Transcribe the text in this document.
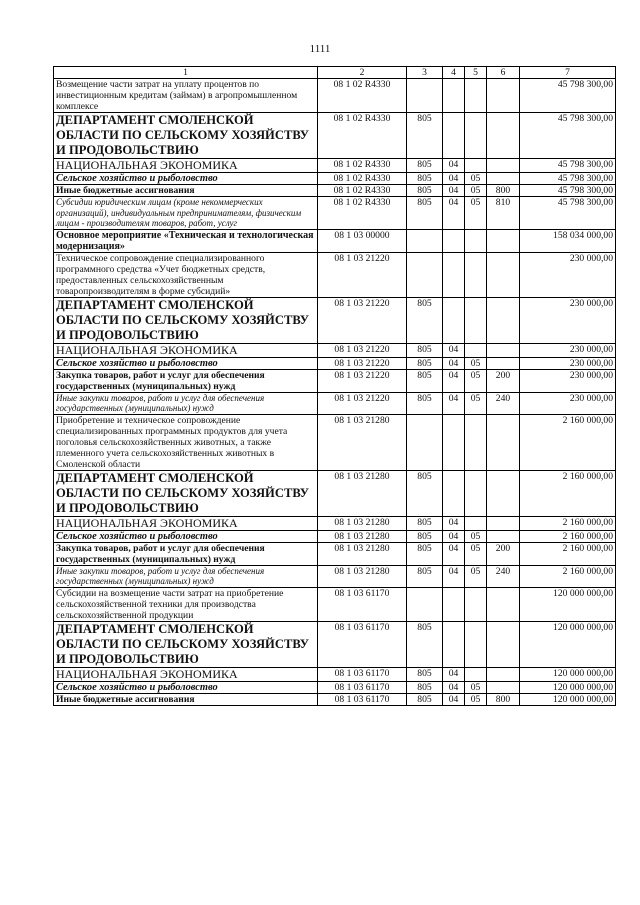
1111
1	2	3	4	5	6	7
Возмещение части затрат на уплату процентов по инвестиционным кредитам (займам) в агропромышленном комплексе	08 1 02 R4330					45 798 300,00
ДЕПАРТАМЕНТ СМОЛЕНСКОЙ ОБЛАСТИ ПО СЕЛЬСКОМУ ХОЗЯЙСТВУ И ПРОДОВОЛЬСТВИЮ	08 1 02 R4330	805				45 798 300,00
НАЦИОНАЛЬНАЯ ЭКОНОМИКА	08 1 02 R4330	805	04			45 798 300,00
Сельское хозяйство и рыболовство	08 1 02 R4330	805	04	05		45 798 300,00
Иные бюджетные ассигнования	08 1 02 R4330	805	04	05	800	45 798 300,00
Субсидии юридическим лицам (кроме некоммерческих организаций), индивидуальным предпринимателям, физическим лицам - производителям товаров, работ, услуг	08 1 02 R4330	805	04	05	810	45 798 300,00
Основное мероприятие «Техническая и технологическая модернизация»	08 1 03 00000					158 034 000,00
Техническое сопровождение специализированного программного средства «Учет бюджетных средств, предоставленных сельскохозяйственным товаропроизводителям в форме субсидий»	08 1 03 21220					230 000,00
ДЕПАРТАМЕНТ СМОЛЕНСКОЙ ОБЛАСТИ ПО СЕЛЬСКОМУ ХОЗЯЙСТВУ И ПРОДОВОЛЬСТВИЮ	08 1 03 21220	805				230 000,00
НАЦИОНАЛЬНАЯ ЭКОНОМИКА	08 1 03 21220	805	04			230 000,00
Сельское хозяйство и рыболовство	08 1 03 21220	805	04	05		230 000,00
Закупка товаров, работ и услуг для обеспечения государственных (муниципальных) нужд	08 1 03 21220	805	04	05	200	230 000,00
Иные закупки товаров, работ и услуг для обеспечения государственных (муниципальных) нужд	08 1 03 21220	805	04	05	240	230 000,00
Приобретение и техническое сопровождение специализированных программных продуктов для учета поголовья сельскохозяйственных животных, а также племенного учета сельскохозяйственных животных в Смоленской области	08 1 03 21280					2 160 000,00
ДЕПАРТАМЕНТ СМОЛЕНСКОЙ ОБЛАСТИ ПО СЕЛЬСКОМУ ХОЗЯЙСТВУ И ПРОДОВОЛЬСТВИЮ	08 1 03 21280	805				2 160 000,00
НАЦИОНАЛЬНАЯ ЭКОНОМИКА	08 1 03 21280	805	04			2 160 000,00
Сельское хозяйство и рыболовство	08 1 03 21280	805	04	05		2 160 000,00
Закупка товаров, работ и услуг для обеспечения государственных (муниципальных) нужд	08 1 03 21280	805	04	05	200	2 160 000,00
Иные закупки товаров, работ и услуг для обеспечения государственных (муниципальных) нужд	08 1 03 21280	805	04	05	240	2 160 000,00
Субсидии на возмещение части затрат на приобретение сельскохозяйственной техники для производства сельскохозяйственной продукции	08 1 03 61170					120 000 000,00
ДЕПАРТАМЕНТ СМОЛЕНСКОЙ ОБЛАСТИ ПО СЕЛЬСКОМУ ХОЗЯЙСТВУ И ПРОДОВОЛЬСТВИЮ	08 1 03 61170	805				120 000 000,00
НАЦИОНАЛЬНАЯ ЭКОНОМИКА	08 1 03 61170	805	04			120 000 000,00
Сельское хозяйство и рыболовство	08 1 03 61170	805	04	05		120 000 000,00
Иные бюджетные ассигнования	08 1 03 61170	805	04	05	800	120 000 000,00
